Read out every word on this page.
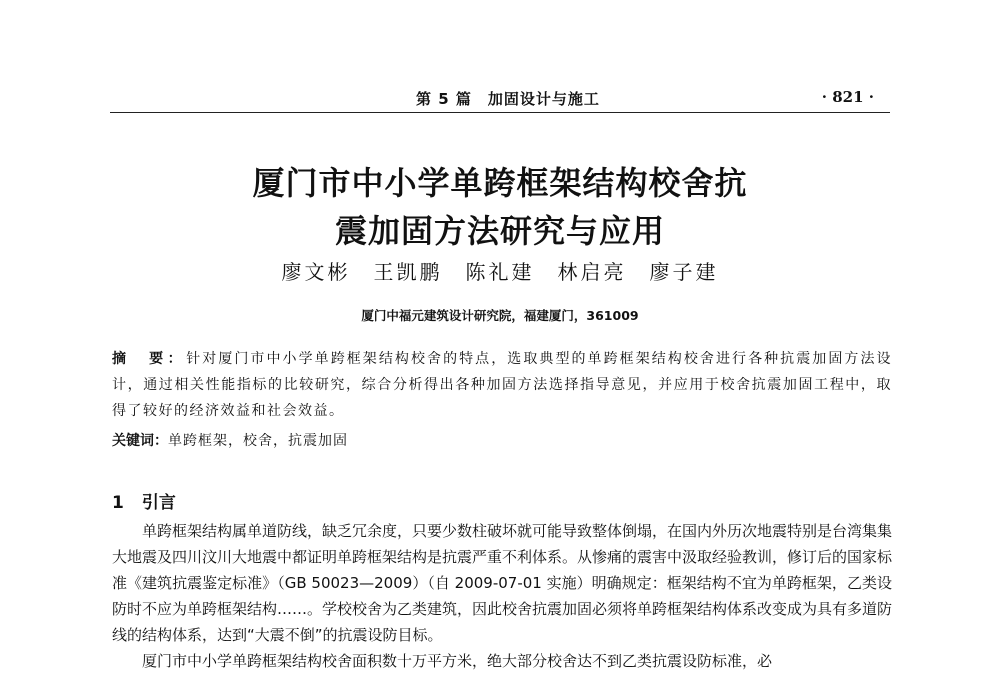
第 5 篇　加固设计与施工	· 821 ·
厦门市中小学单跨框架结构校舍抗
震加固方法研究与应用
廖文彬　王凯鹏　陈礼建　林启亮　廖子建
厦门中福元建筑设计研究院，福建厦门，361009
摘　要：针对厦门市中小学单跨框架结构校舍的特点，选取典型的单跨框架结构校舍进行各种抗震加固方法设计，通过相关性能指标的比较研究，综合分析得出各种加固方法选择指导意见，并应用于校舍抗震加固工程中，取得了较好的经济效益和社会效益。
关键词：单跨框架，校舍，抗震加固
1 引言

单跨框架结构属单道防线，缺乏冗余度，只要少数柱破坏就可能导致整体倒塌，在国内外历次地震特别是台湾集集大地震及四川汶川大地震中都证明单跨框架结构是抗震严重不利体系。从惨痛的震害中汲取经验教训，修订后的国家标准《建筑抗震鉴定标准》（GB 50023—2009）（自 2009-07-01 实施）明确规定：框架结构不宜为单跨框架，乙类设防时不应为单跨框架结构……。学校校舍为乙类建筑，因此校舍抗震加固必须将单跨框架结构体系改变成为具有多道防线的结构体系，达到“大震不倒”的抗震设防目标。

厦门市中小学单跨框架结构校舍面积数十万平方米，绝大部分校舍达不到乙类抗震设防标准，必
